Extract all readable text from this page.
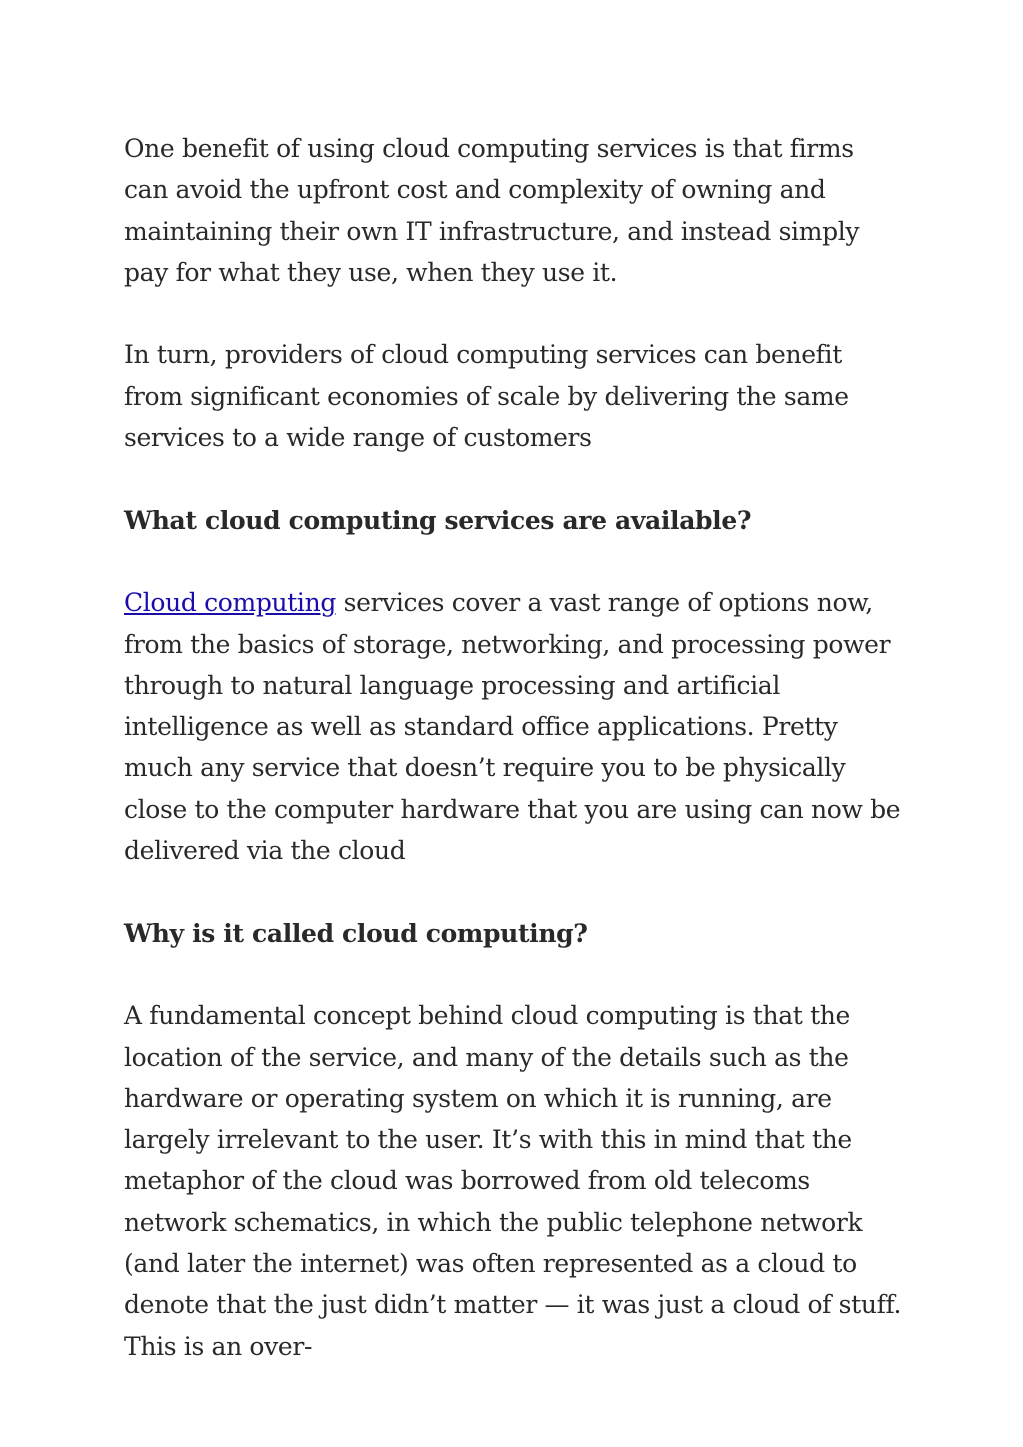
One benefit of using cloud computing services is that firms can avoid the upfront cost and complexity of owning and maintaining their own IT infrastructure, and instead simply pay for what they use, when they use it.

In turn, providers of cloud computing services can benefit from significant economies of scale by delivering the same services to a wide range of customers

What cloud computing services are available?

Cloud computing services cover a vast range of options now, from the basics of storage, networking, and processing power through to natural language processing and artificial intelligence as well as standard office applications. Pretty much any service that doesn’t require you to be physically close to the computer hardware that you are using can now be delivered via the cloud

Why is it called cloud computing?

A fundamental concept behind cloud computing is that the location of the service, and many of the details such as the hardware or operating system on which it is running, are largely irrelevant to the user. It’s with this in mind that the metaphor of the cloud was borrowed from old telecoms network schematics, in which the public telephone network (and later the internet) was often represented as a cloud to denote that the just didn’t matter — it was just a cloud of stuff. This is an over-
